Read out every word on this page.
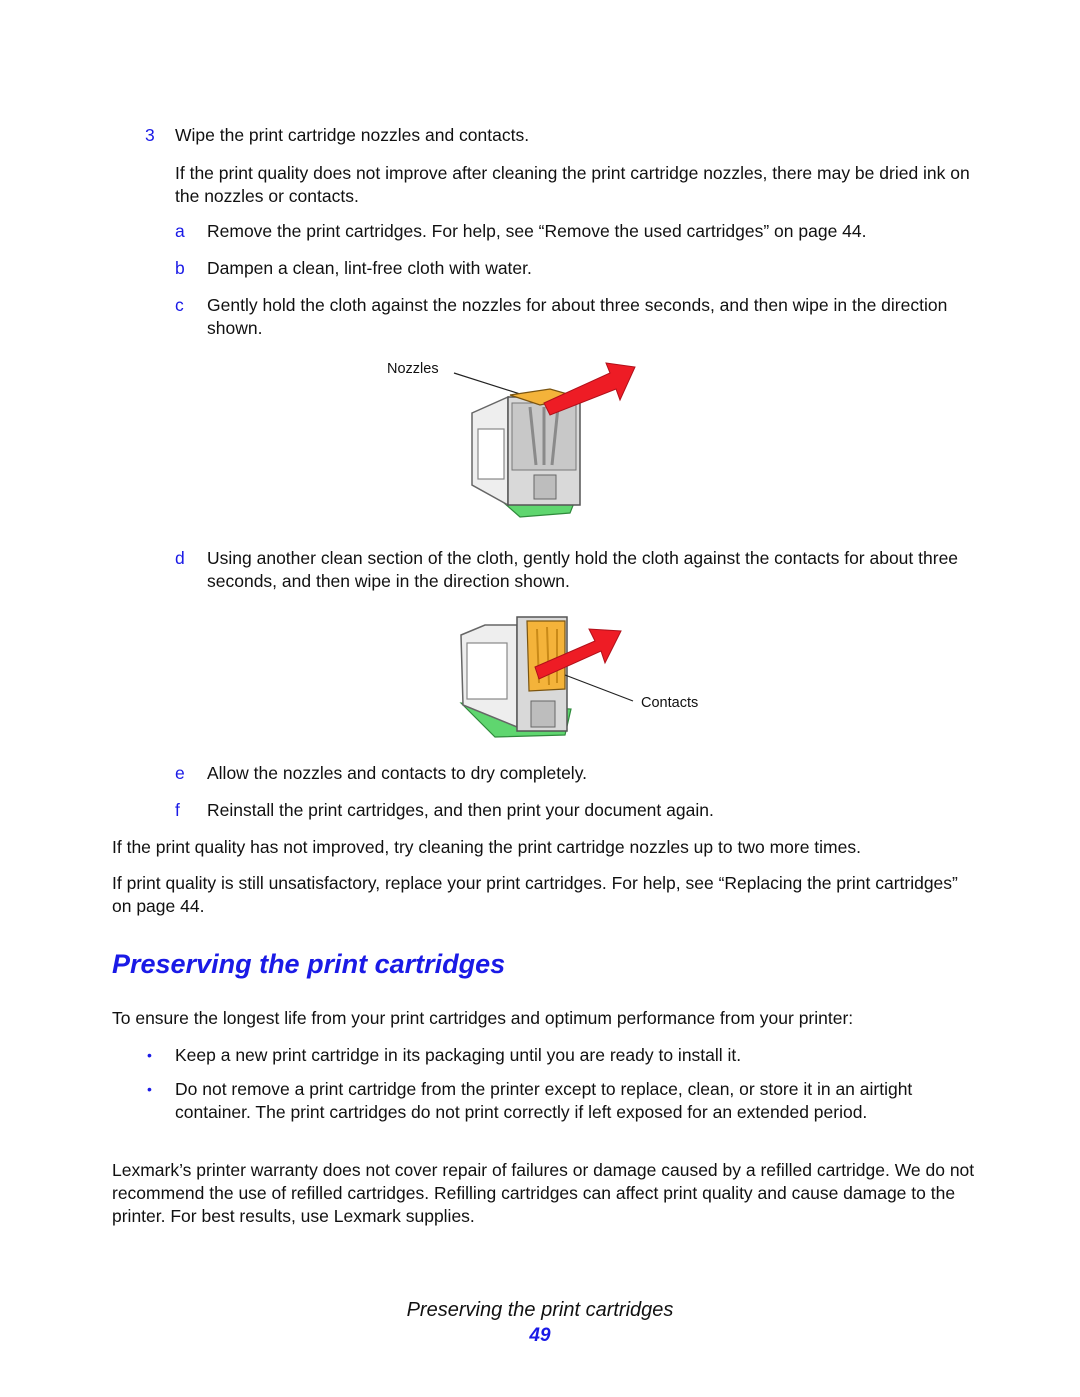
3 Wipe the print cartridge nozzles and contacts.
If the print quality does not improve after cleaning the print cartridge nozzles, there may be dried ink on the nozzles or contacts.
a Remove the print cartridges. For help, see “Remove the used cartridges” on page 44.
b Dampen a clean, lint-free cloth with water.
c Gently hold the cloth against the nozzles for about three seconds, and then wipe in the direction shown.
Nozzles
d Using another clean section of the cloth, gently hold the cloth against the contacts for about three seconds, and then wipe in the direction shown.
Contacts
e Allow the nozzles and contacts to dry completely.
f Reinstall the print cartridges, and then print your document again.
If the print quality has not improved, try cleaning the print cartridge nozzles up to two more times.
If print quality is still unsatisfactory, replace your print cartridges. For help, see “Replacing the print cartridges” on page 44.
Preserving the print cartridges
To ensure the longest life from your print cartridges and optimum performance from your printer:
• Keep a new print cartridge in its packaging until you are ready to install it.
• Do not remove a print cartridge from the printer except to replace, clean, or store it in an airtight container. The print cartridges do not print correctly if left exposed for an extended period.
Lexmark’s printer warranty does not cover repair of failures or damage caused by a refilled cartridge. We do not recommend the use of refilled cartridges. Refilling cartridges can affect print quality and cause damage to the printer. For best results, use Lexmark supplies.
Preserving the print cartridges
49
